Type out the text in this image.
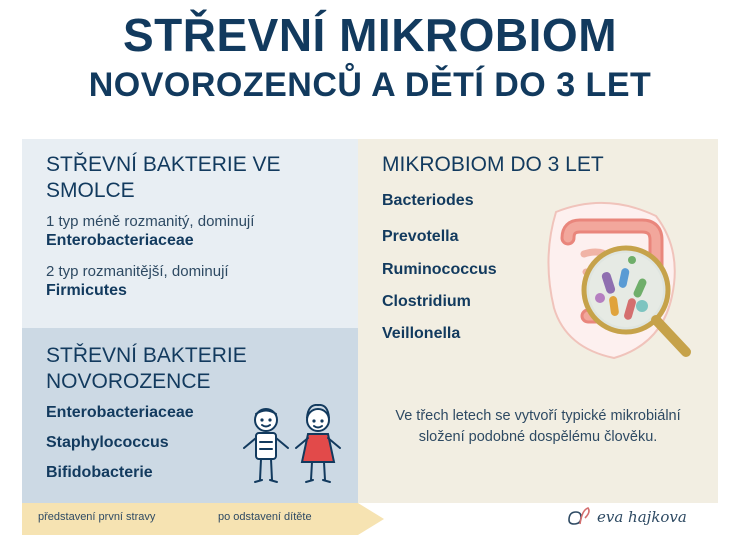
STŘEVNÍ MIKROBIOM
NOVOROZENCŮ A DĚTÍ DO 3 LET
STŘEVNÍ BAKTERIE VE SMOLCE
1 typ méně rozmanitý, dominují
Enterobacteriaceae
2 typ rozmanitější, dominují
Firmicutes
STŘEVNÍ BAKTERIE NOVOROZENCE
Enterobacteriaceae
Staphylococcus
Bifidobacterie
MIKROBIOM DO 3 LET
Bacteriodes
Prevotella
Ruminococcus
Clostridium
Veillonella
Ve třech letech se vytvoří typické mikrobiální složení podobné dospělému člověku.
představení první stravy	po odstavení dítěte	eva hajkova
